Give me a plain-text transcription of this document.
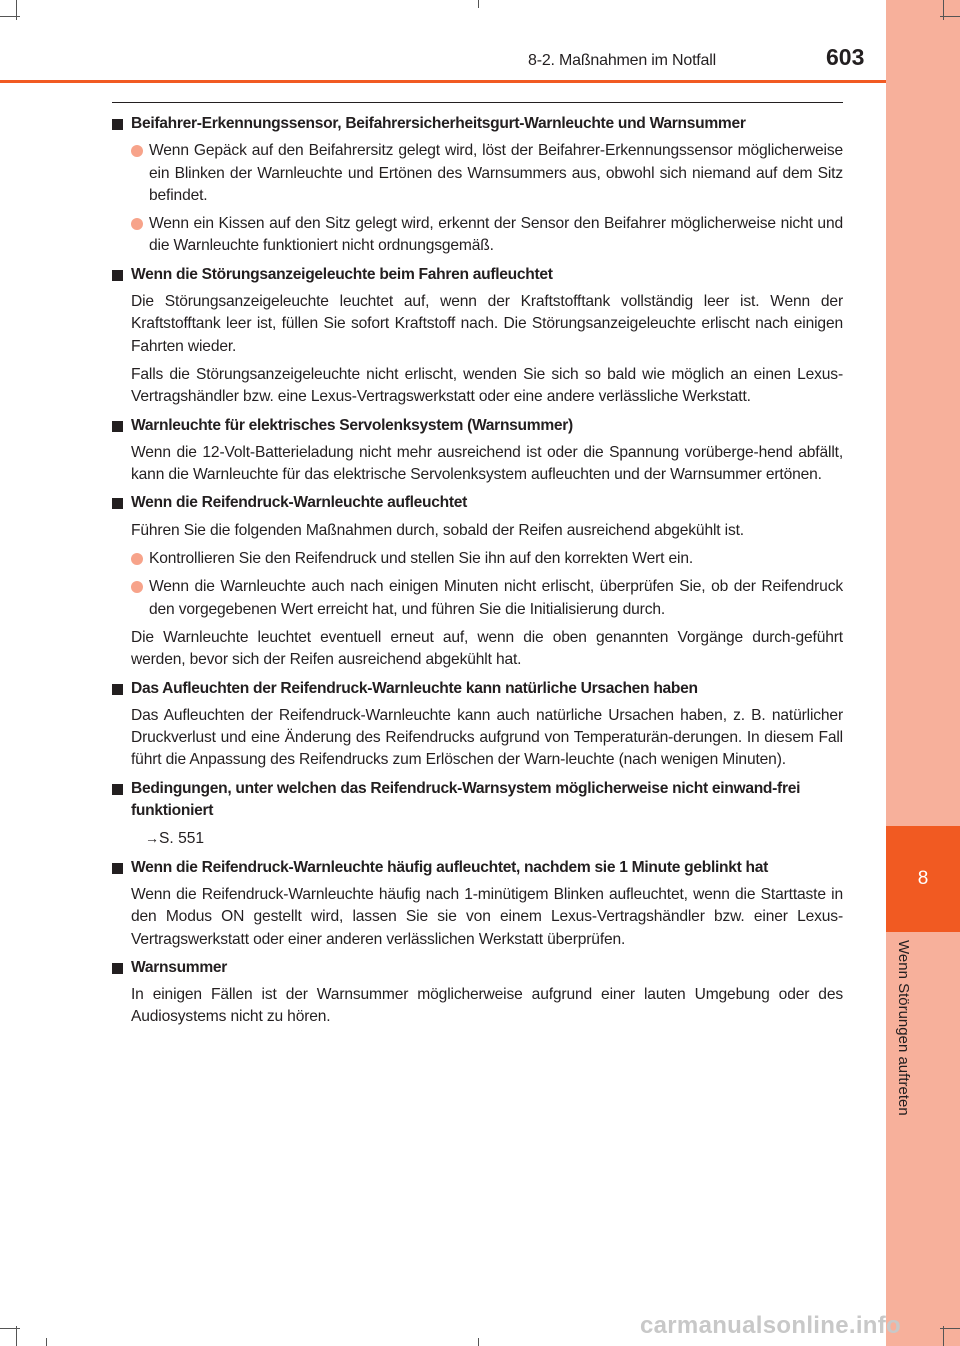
8
Wenn Störungen auftreten
8-2. Maßnahmen im Notfall	603
Beifahrer-Erkennungssensor, Beifahrersicherheitsgurt-Warnleuchte und Warnsummer
Wenn Gepäck auf den Beifahrersitz gelegt wird, löst der Beifahrer-Erkennungssensor möglicherweise ein Blinken der Warnleuchte und Ertönen des Warnsummers aus, obwohl sich niemand auf dem Sitz befindet.
Wenn ein Kissen auf den Sitz gelegt wird, erkennt der Sensor den Beifahrer möglicherweise nicht und die Warnleuchte funktioniert nicht ordnungsgemäß.
Wenn die Störungsanzeigeleuchte beim Fahren aufleuchtet
Die Störungsanzeigeleuchte leuchtet auf, wenn der Kraftstofftank vollständig leer ist. Wenn der Kraftstofftank leer ist, füllen Sie sofort Kraftstoff nach. Die Störungsanzeigeleuchte erlischt nach einigen Fahrten wieder.
Falls die Störungsanzeigeleuchte nicht erlischt, wenden Sie sich so bald wie möglich an einen Lexus-Vertragshändler bzw. eine Lexus-Vertragswerkstatt oder eine andere verlässliche Werkstatt.
Warnleuchte für elektrisches Servolenksystem (Warnsummer)
Wenn die 12-Volt-Batterieladung nicht mehr ausreichend ist oder die Spannung vorüberge-hend abfällt, kann die Warnleuchte für das elektrische Servolenksystem aufleuchten und der Warnsummer ertönen.
Wenn die Reifendruck-Warnleuchte aufleuchtet
Führen Sie die folgenden Maßnahmen durch, sobald der Reifen ausreichend abgekühlt ist.
Kontrollieren Sie den Reifendruck und stellen Sie ihn auf den korrekten Wert ein.
Wenn die Warnleuchte auch nach einigen Minuten nicht erlischt, überprüfen Sie, ob der Reifendruck den vorgegebenen Wert erreicht hat, und führen Sie die Initialisierung durch.
Die Warnleuchte leuchtet eventuell erneut auf, wenn die oben genannten Vorgänge durch-geführt werden, bevor sich der Reifen ausreichend abgekühlt hat.
Das Aufleuchten der Reifendruck-Warnleuchte kann natürliche Ursachen haben
Das Aufleuchten der Reifendruck-Warnleuchte kann auch natürliche Ursachen haben, z. B. natürlicher Druckverlust und eine Änderung des Reifendrucks aufgrund von Temperaturän-derungen. In diesem Fall führt die Anpassung des Reifendrucks zum Erlöschen der Warn-leuchte (nach wenigen Minuten).
Bedingungen, unter welchen das Reifendruck-Warnsystem möglicherweise nicht einwand-frei funktioniert
→S. 551
Wenn die Reifendruck-Warnleuchte häufig aufleuchtet, nachdem sie 1 Minute geblinkt hat
Wenn die Reifendruck-Warnleuchte häufig nach 1-minütigem Blinken aufleuchtet, wenn die Starttaste in den Modus ON gestellt wird, lassen Sie sie von einem Lexus-Vertragshändler bzw. einer Lexus-Vertragswerkstatt oder einer anderen verlässlichen Werkstatt überprüfen.
Warnsummer
In einigen Fällen ist der Warnsummer möglicherweise aufgrund einer lauten Umgebung oder des Audiosystems nicht zu hören.
carmanualsonline.info
